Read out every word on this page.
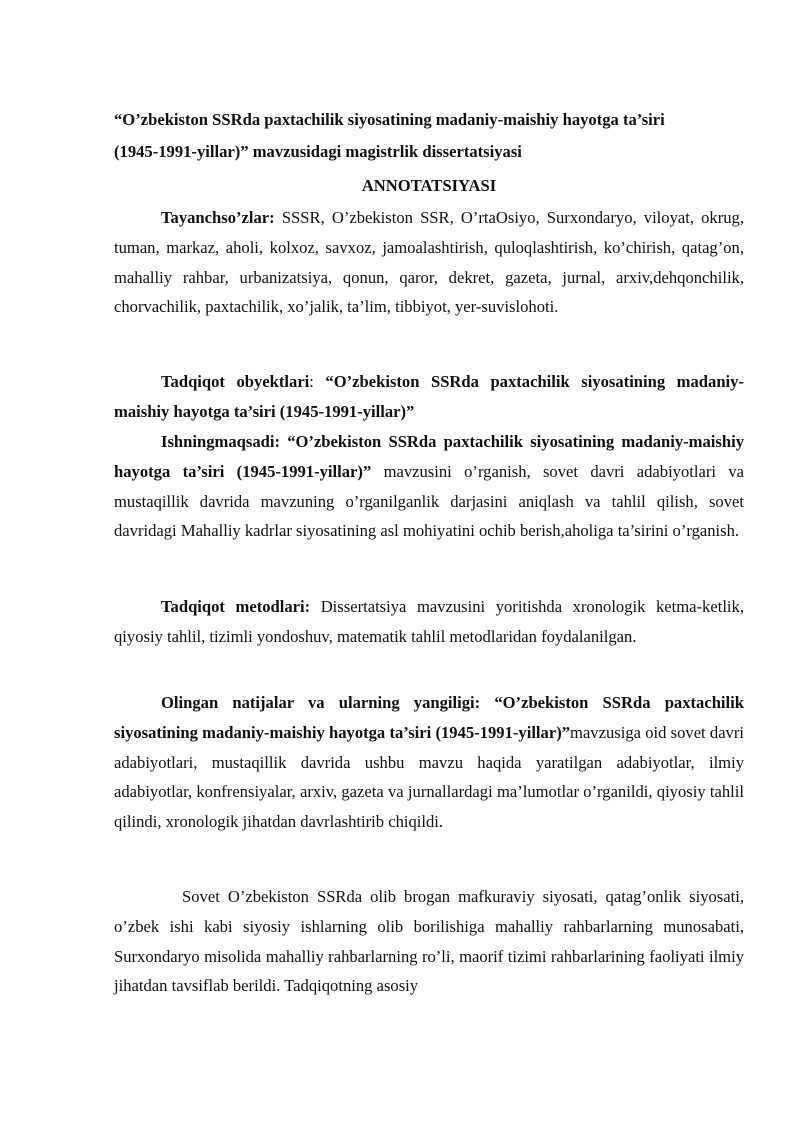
“O’zbekiston SSRda paxtachilik siyosatining madaniy-maishiy hayotga ta’siri
(1945-1991-yillar)” mavzusidagi magistrlik dissertatsiyasi
ANNOTATSIYASI
Tayanchso’zlar: SSSR, O’zbekiston SSR, O’rtaOsiyo, Surxondaryo, viloyat, okrug, tuman, markaz, aholi, kolxoz, savxoz, jamoalashtirish, quloqlashtirish, ko’chirish, qatag’on, mahalliy rahbar, urbanizatsiya, qonun, qaror, dekret, gazeta, jurnal, arxiv,dehqonchilik, chorvachilik, paxtachilik, xo’jalik, ta’lim, tibbiyot, yer-suvislohoti.
Tadqiqot obyektlari: “O’zbekiston SSRda paxtachilik siyosatining madaniy-maishiy hayotga ta’siri (1945-1991-yillar)”
Ishningmaqsadi: “O’zbekiston SSRda paxtachilik siyosatining madaniy-maishiy hayotga ta’siri (1945-1991-yillar)” mavzusini o’rganish, sovet davri adabiyotlari va mustaqillik davrida mavzuning o’rganilganlik darjasini aniqlash va tahlil qilish, sovet davridagi Mahalliy kadrlar siyosatining asl mohiyatini ochib berish,aholiga ta’sirini o’rganish.
Tadqiqot metodlari: Dissertatsiya mavzusini yoritishda xronologik ketma-ketlik, qiyosiy tahlil, tizimli yondoshuv, matematik tahlil metodlaridan foydalanilgan.
Olingan natijalar va ularning yangiligi: “O’zbekiston SSRda paxtachilik siyosatining madaniy-maishiy hayotga ta’siri (1945-1991-yillar)”mavzusiga oid sovet davri adabiyotlari, mustaqillik davrida ushbu mavzu haqida yaratilgan adabiyotlar, ilmiy adabiyotlar, konfrensiyalar, arxiv, gazeta va jurnallardagi ma’lumotlar o’rganildi, qiyosiy tahlil qilindi, xronologik jihatdan davrlashtirib chiqildi.
Sovet O’zbekiston SSRda olib brogan mafkuraviy siyosati, qatag’onlik siyosati, o’zbek ishi kabi siyosiy ishlarning olib borilishiga mahalliy rahbarlarning munosabati, Surxondaryo misolida mahalliy rahbarlarning ro’li, maorif tizimi rahbarlarining faoliyati ilmiy jihatdan tavsiflab berildi. Tadqiqotning asosiy
